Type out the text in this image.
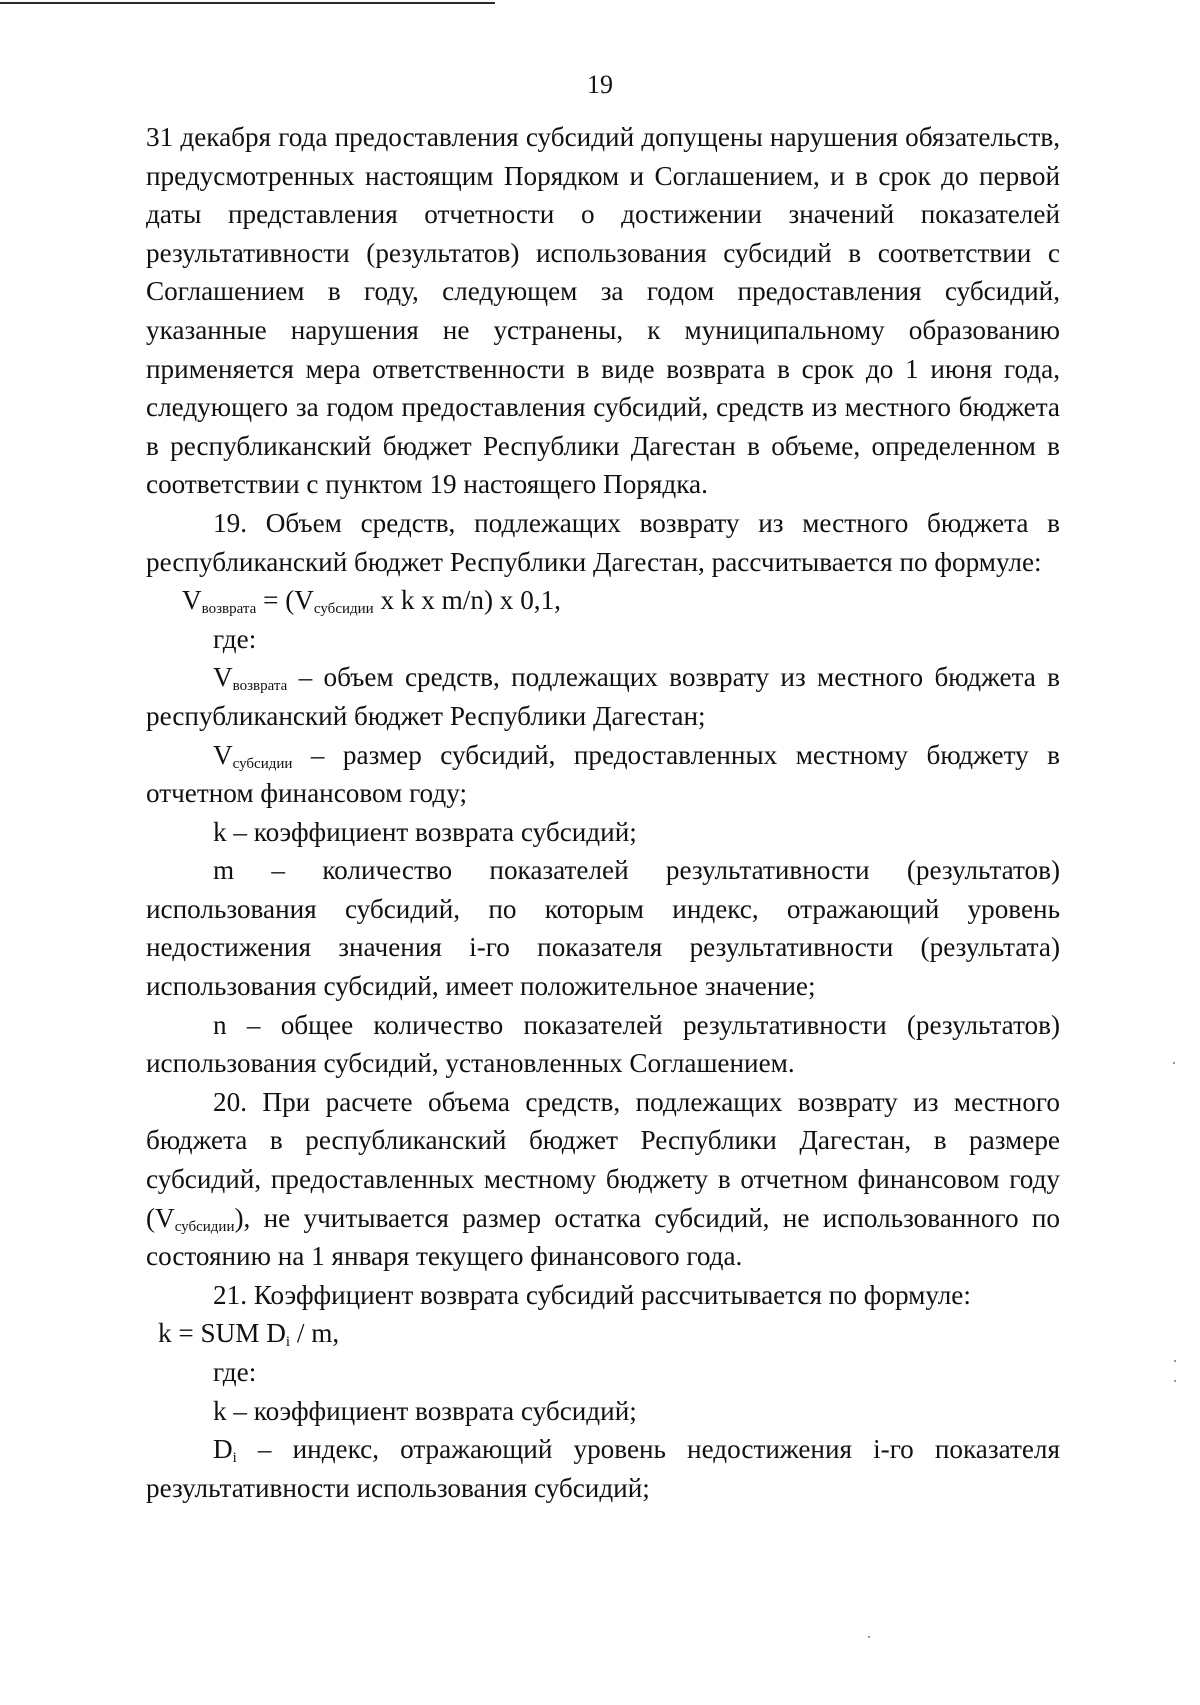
19

31 декабря года предоставления субсидий допущены нарушения обязательств, предусмотренных настоящим Порядком и Соглашением, и в срок до первой даты представления отчетности о достижении значений показателей результативности (результатов) использования субсидий в соответствии с Соглашением в году, следующем за годом предоставления субсидий, указанные нарушения не устранены, к муниципальному образованию применяется мера ответственности в виде возврата в срок до 1 июня года, следующего за годом предоставления субсидий, средств из местного бюджета в республиканский бюджет Республики Дагестан в объеме, определенном в соответствии с пунктом 19 настоящего Порядка.

19. Объем средств, подлежащих возврату из местного бюджета в республиканский бюджет Республики Дагестан, рассчитывается по формуле:

$V_{возврата} = (V_{субсидии}$ x k x m/n) x 0,1,

где:

$V_{возврата}$ – объем средств, подлежащих возврату из местного бюджета в республиканский бюджет Республики Дагестан;

$V_{субсидии}$ – размер субсидий, предоставленных местному бюджету в отчетном финансовом году;

k – коэффициент возврата субсидий;

m – количество показателей результативности (результатов) использования субсидий, по которым индекс, отражающий уровень недостижения значения i-го показателя результативности (результата) использования субсидий, имеет положительное значение;

n – общее количество показателей результативности (результатов) использования субсидий, установленных Соглашением.

20. При расчете объема средств, подлежащих возврату из местного бюджета в республиканский бюджет Республики Дагестан, в размере субсидий, предоставленных местному бюджету в отчетном финансовом году $(V_{субсидии})$, не учитывается размер остатка субсидий, не использованного по состоянию на 1 января текущего финансового года.

21. Коэффициент возврата субсидий рассчитывается по формуле:

k = SUM $D_i$ / m,

где:

k – коэффициент возврата субсидий;

$D_i$ – индекс, отражающий уровень недостижения i-го показателя результативности использования субсидий;
